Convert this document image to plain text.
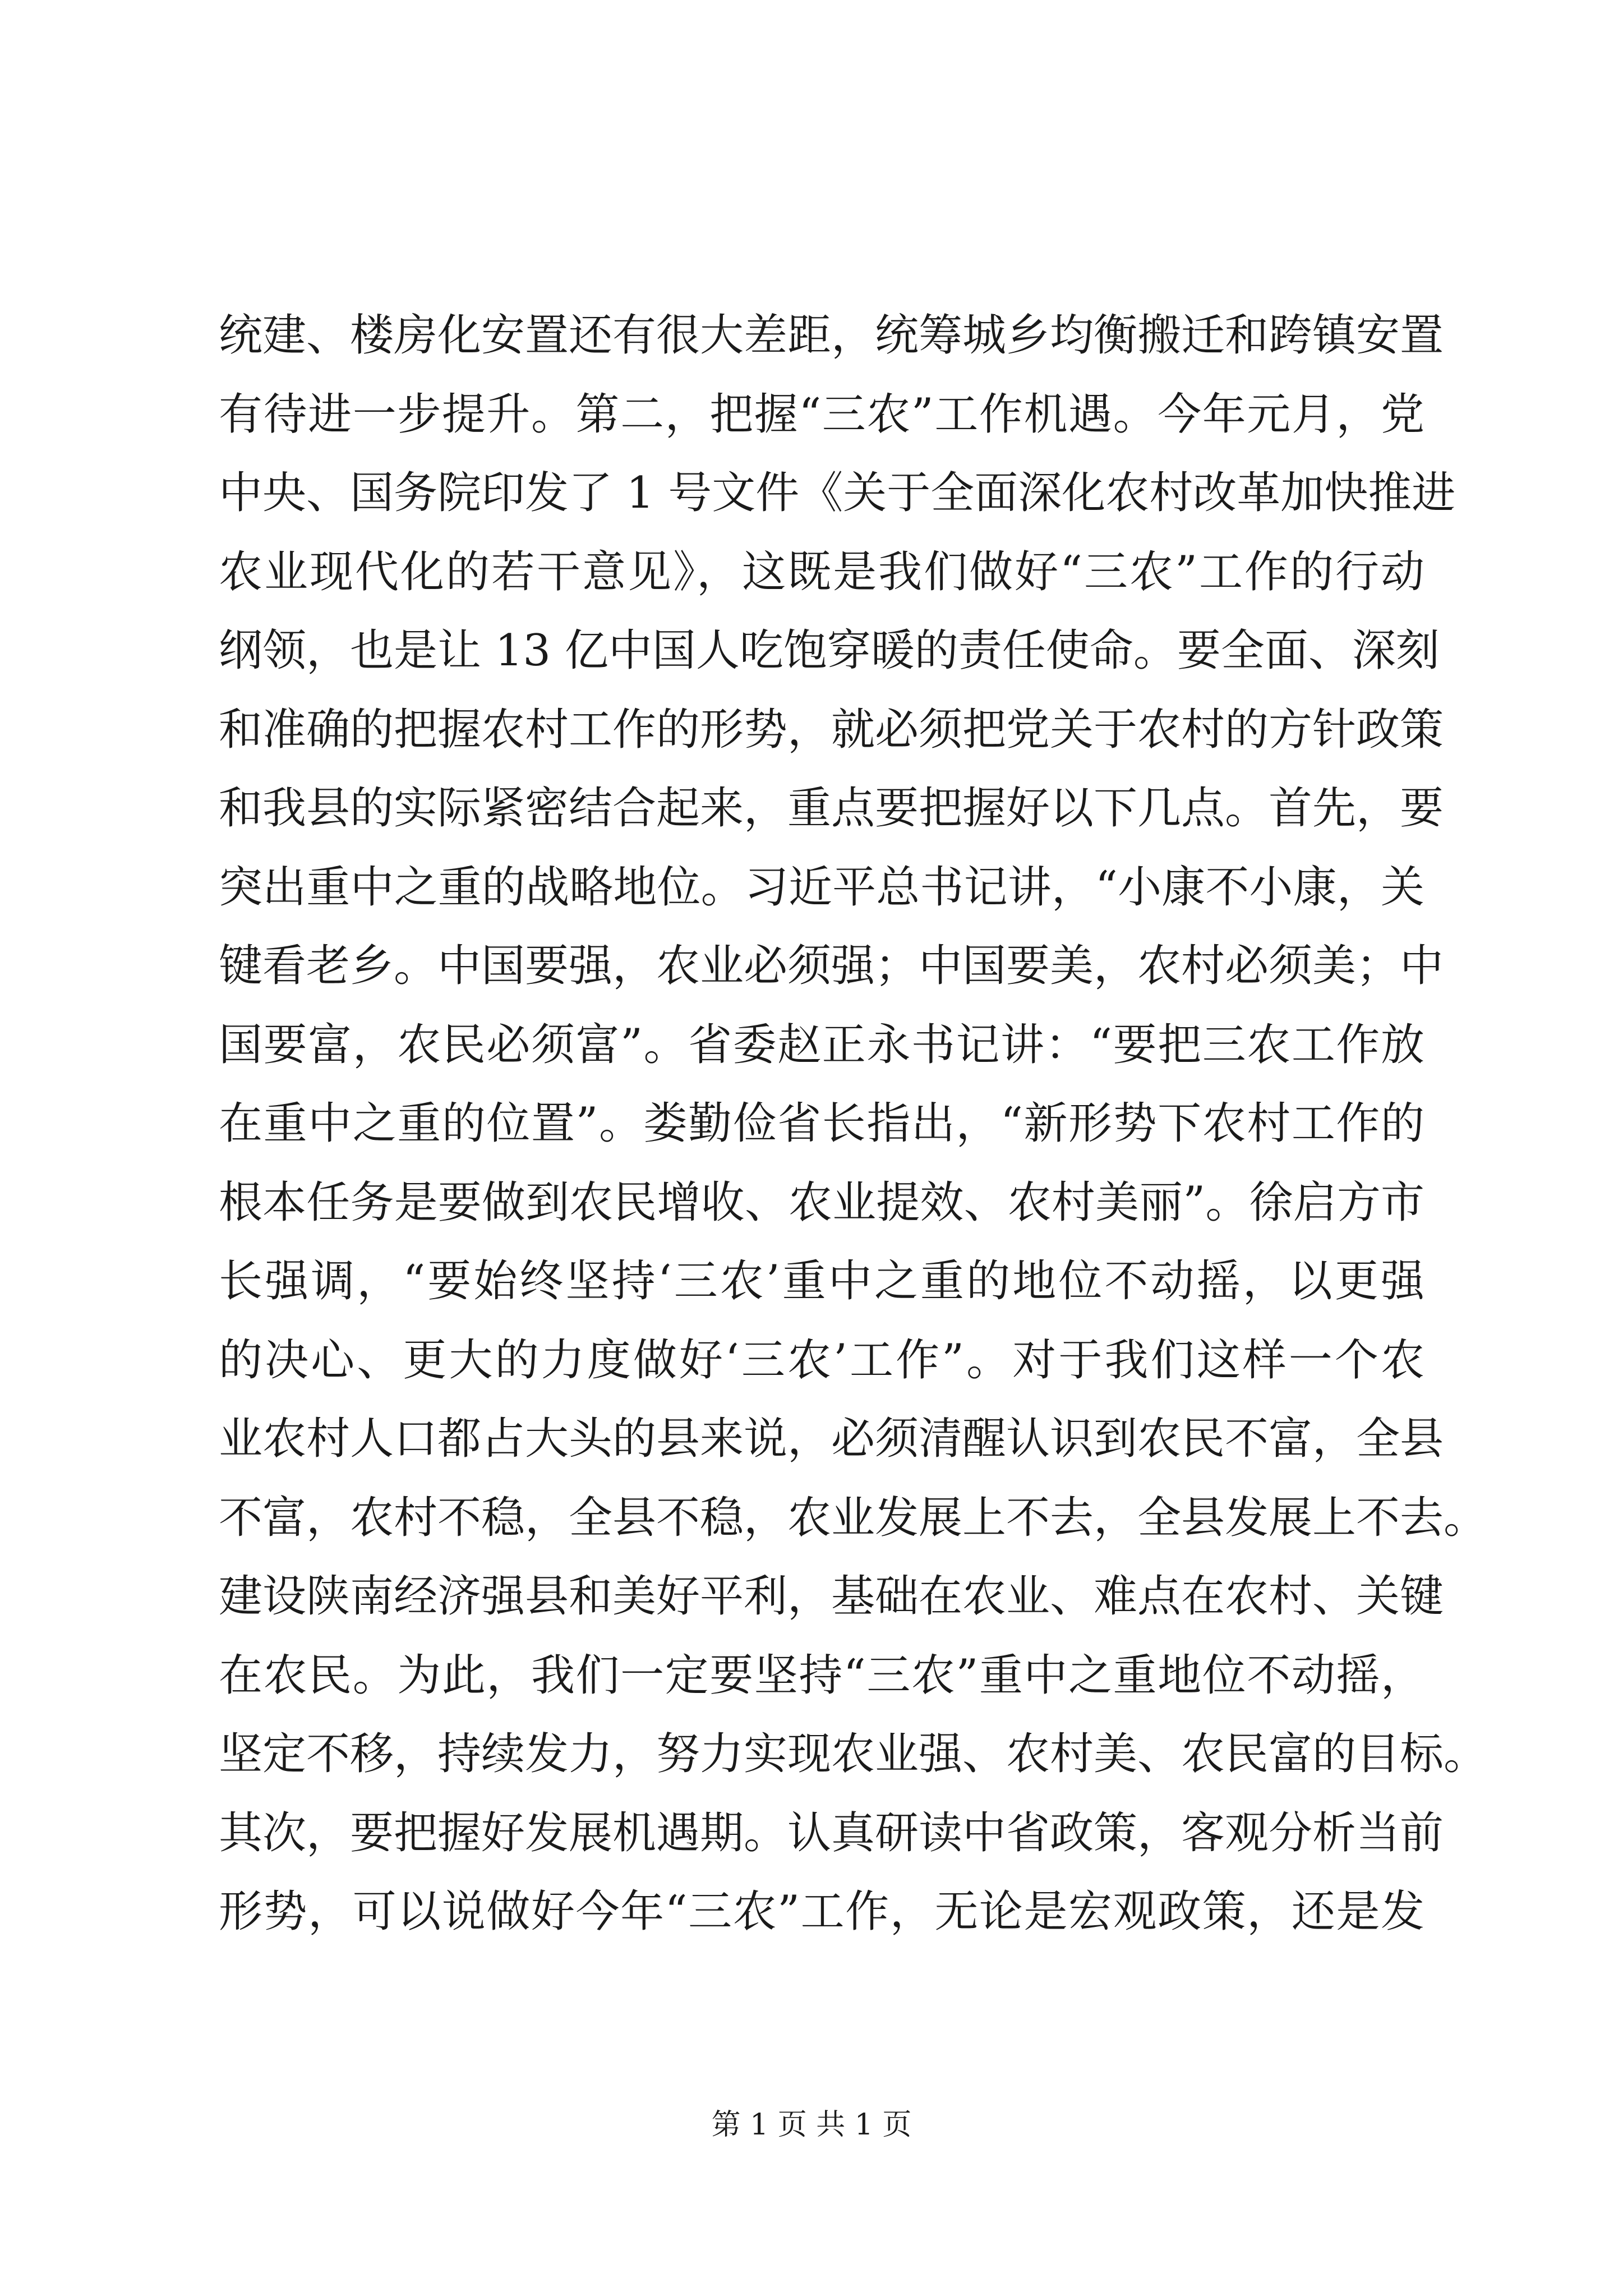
统建、楼房化安置还有很大差距，统筹城乡均衡搬迁和跨镇安置
有待进一步提升。第二，把握“三农”工作机遇。今年元月，党
中央、国务院印发了 1 号文件《关于全面深化农村改革加快推进
农业现代化的若干意见》，这既是我们做好“三农”工作的行动
纲领，也是让 13 亿中国人吃饱穿暖的责任使命。要全面、深刻
和准确的把握农村工作的形势，就必须把党关于农村的方针政策
和我县的实际紧密结合起来，重点要把握好以下几点。首先，要
突出重中之重的战略地位。习近平总书记讲，“小康不小康，关
键看老乡。中国要强，农业必须强；中国要美，农村必须美；中
国要富，农民必须富”。省委赵正永书记讲：“要把三农工作放
在重中之重的位置”。娄勤俭省长指出，“新形势下农村工作的
根本任务是要做到农民增收、农业提效、农村美丽”。徐启方市
长强调，“要始终坚持‘三农’重中之重的地位不动摇，以更强
的决心、更大的力度做好‘三农’工作”。对于我们这样一个农
业农村人口都占大头的县来说，必须清醒认识到农民不富，全县
不富，农村不稳，全县不稳，农业发展上不去，全县发展上不去。
建设陕南经济强县和美好平利，基础在农业、难点在农村、关键
在农民。为此，我们一定要坚持“三农”重中之重地位不动摇，
坚定不移，持续发力，努力实现农业强、农村美、农民富的目标。
其次，要把握好发展机遇期。认真研读中省政策，客观分析当前
形势，可以说做好今年“三农”工作，无论是宏观政策，还是发
第 1 页 共 1 页
